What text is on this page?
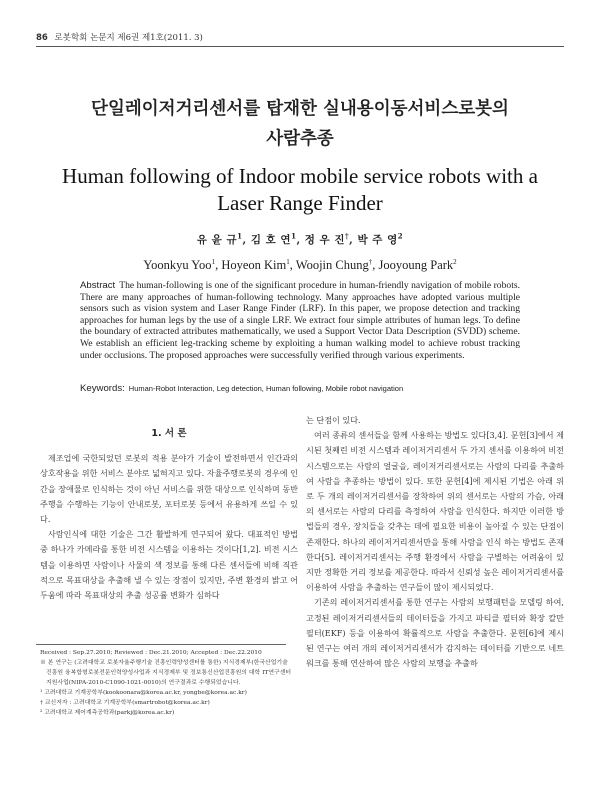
86 로봇학회 논문지 제6권 제1호(2011. 3)
단일레이저거리센서를 탑재한 실내용이동서비스로봇의
사람추종
Human following of Indoor mobile service robots with a
Laser Range Finder
유 윤 규$^1$, 김 호 연$^1$, 정 우 진†, 박 주 영$^2$
Yoonkyu Yoo$^1$, Hoyeon Kim$^1$, Woojin Chung†, Jooyoung Park$^2$
Abstract The human-following is one of the significant procedure in human-friendly navigation of mobile robots. There are many approaches of human-following technology. Many approaches have adopted various multiple sensors such as vision system and Laser Range Finder (LRF). In this paper, we propose detection and tracking approaches for human legs by the use of a single LRF. We extract four simple attributes of human legs. To define the boundary of extracted attributes mathematically, we used a Support Vector Data Description (SVDD) scheme. We establish an efficient leg-tracking scheme by exploiting a human walking model to achieve robust tracking under occlusions. The proposed approaches were successfully verified through various experiments.
Keywords: Human-Robot Interaction, Leg detection, Human following, Mobile robot navigation
1. 서 론

제조업에 국한되었던 로봇의 적용 분야가 기술이 발전하면서 인간과의 상호작용을 위한 서비스 분야로 넓혀지고 있다. 자율주행로봇의 경우에 인간을 장애물로 인식하는 것이 아닌 서비스를 위한 대상으로 인식하며 동반 주행을 수행하는 기능이 안내로봇, 포터로봇 등에서 유용하게 쓰일 수 있다.

사람인식에 대한 기술은 그간 활발하게 연구되어 왔다. 대표적인 방법 중 하나가 카메라를 통한 비전 시스템을 이용하는 것이다[1,2]. 비전 시스템을 이용하면 사람이나 사물의 색 정보를 통해 다른 센서들에 비해 직관적으로 목표대상을 추출해 낼 수 있는 장점이 있지만, 주변 환경의 밝고 어두움에 따라 목표대상의 추출 성공률 변화가 심하다

는 단점이 있다.

여러 종류의 센서들을 함께 사용하는 방법도 있다[3,4]. 문헌[3]에서 제시된 첫째린 비전 시스템과 레이저거리센서 두 가지 센서를 이용하여 비전 시스템으로는 사람의 얼굴을, 레이저거리센서로는 사람의 다리를 추출하여 사람을 추종하는 방법이 있다. 또한 문헌[4]에 제시된 기법은 아래 위로 두 개의 레이저거리센서를 장착하여 위의 센서로는 사람의 가슴, 아래의 센서로는 사람의 다리를 측정하여 사람을 인식한다. 하지만 이러한 방법들의 경우, 장치들을 갖추는 데에 필요한 비용이 높아질 수 있는 단점이 존재한다. 하나의 레이저거리센서만을 통해 사람을 인식 하는 방법도 존재한다[5]. 레이저거리센서는 주행 환경에서 사람을 구별하는 어려움이 있지만 정확한 거리 정보를 제공한다. 따라서 신뢰성 높은 레이저거리센서를 이용하여 사람을 추출하는 연구들이 많이 제시되었다.

기존의 레이저거리센서를 통한 연구는 사람의 보행패턴을 모델링 하여, 고정된 레이저거리센서들의 데이터들을 가지고 파티클 필터와 확장 칼만 필터(EKF) 등을 이용하여 확률적으로 사람을 추출한다. 문헌[6]에 제시된 연구는 여러 개의 레이저거리센서가 감지하는 데이터를 기반으로 네트워크를 통해 연산하여 많은 사람의 보행을 추출하

Received : Sep.27.2010; Reviewed : Dec.21.2010; Accepted : Dec.22.2010
※ 본 연구는 (고려대학교 로봇자율주행기술 진흥인력양성센터를 통한) 지식경제부(한국산업기술진흥원 융복합형로봇전문인력양성사업과 지식경제부 및 정보통신산업진흥원의 대학 IT연구센터 지원사업(NIPA-2010-C1090-1021-0010)의 연구결과로 수행되었습니다.
¹ 고려대학교 기계공학부(kookoonara@korea.ac.kr, yongbe@korea.ac.kr)
† 교신저자 : 고려대학교 기계공학부(smartrobot@korea.ac.kr)
² 고려대학교 제어계측공학과(parkj@korea.ac.kr)
